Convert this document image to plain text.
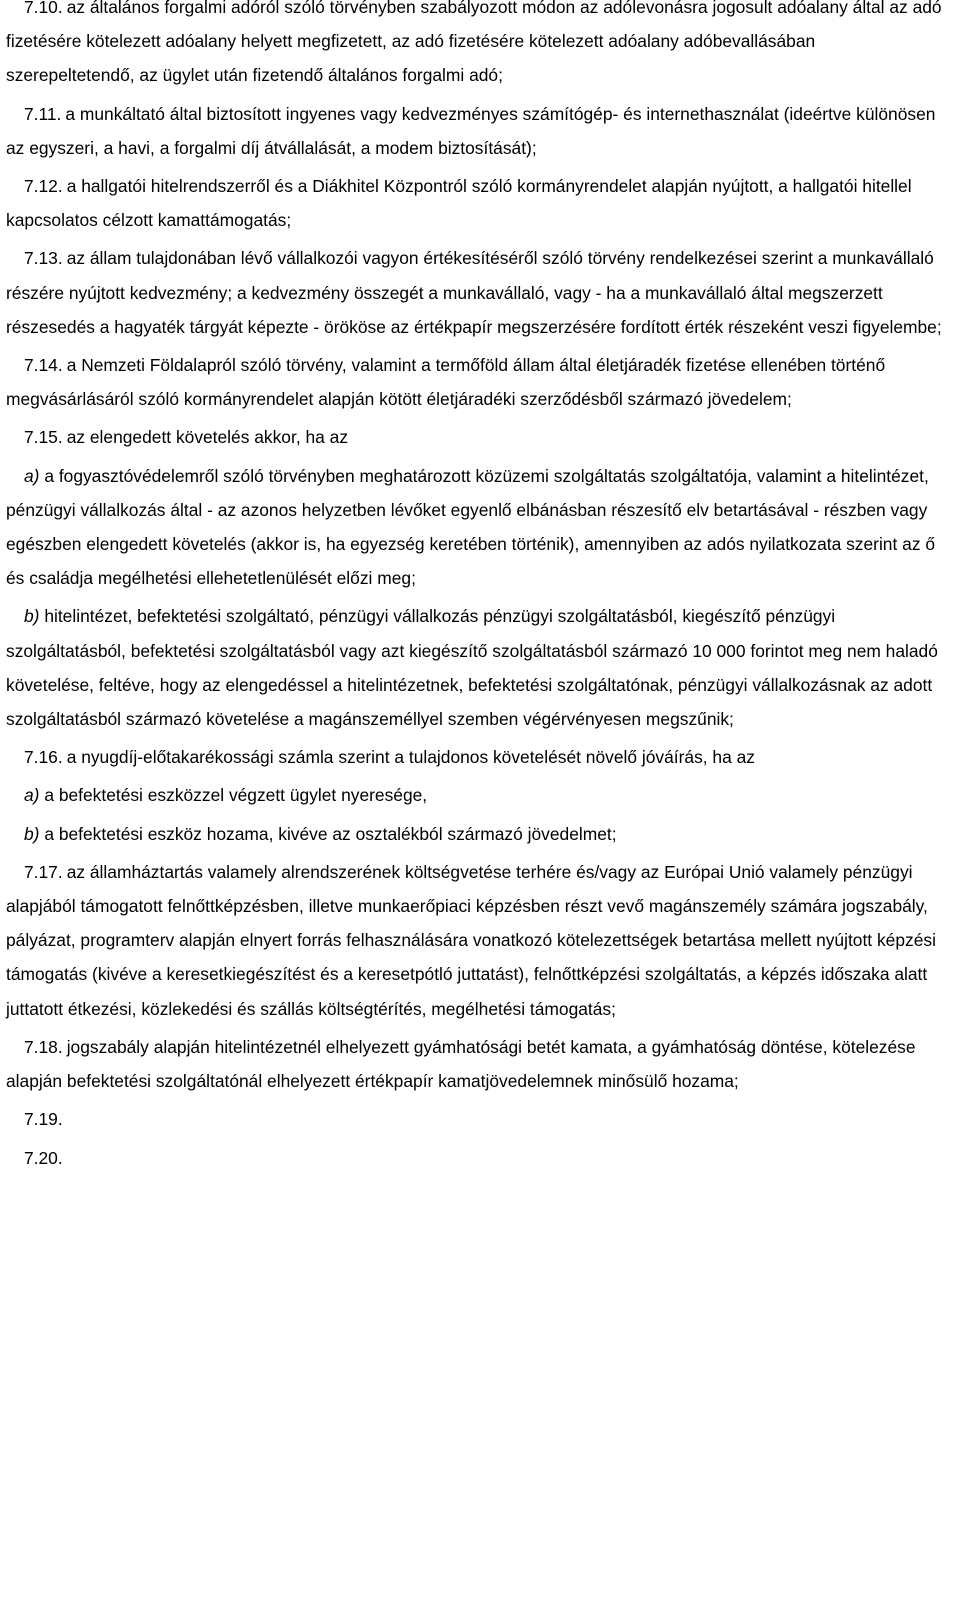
7.10. az általános forgalmi adóról szóló törvényben szabályozott módon az adólevonásra jogosult adóalany által az adó fizetésére kötelezett adóalany helyett megfizetett, az adó fizetésére kötelezett adóalany adóbevallásában szerepeltetendő, az ügylet után fizetendő általános forgalmi adó;

7.11. a munkáltató által biztosított ingyenes vagy kedvezményes számítógép- és internethasználat (ideértve különösen az egyszeri, a havi, a forgalmi díj átvállalását, a modem biztosítását);

7.12. a hallgatói hitelrendszerről és a Diákhitel Központról szóló kormányrendelet alapján nyújtott, a hallgatói hitellel kapcsolatos célzott kamattámogatás;

7.13. az állam tulajdonában lévő vállalkozói vagyon értékesítéséről szóló törvény rendelkezései szerint a munkavállaló részére nyújtott kedvezmény; a kedvezmény összegét a munkavállaló, vagy - ha a munkavállaló által megszerzett részesedés a hagyaték tárgyát képezte - örököse az értékpapír megszerzésére fordított érték részeként veszi figyelembe;

7.14. a Nemzeti Földalapról szóló törvény, valamint a termőföld állam által életjáradék fizetése ellenében történő megvásárlásáról szóló kormányrendelet alapján kötött életjáradéki szerződésből származó jövedelem;

7.15. az elengedett követelés akkor, ha az

a) a fogyasztóvédelemről szóló törvényben meghatározott közüzemi szolgáltatás szolgáltatója, valamint a hitelintézet, pénzügyi vállalkozás által - az azonos helyzetben lévőket egyenlő elbánásban részesítő elv betartásával - részben vagy egészben elengedett követelés (akkor is, ha egyezség keretében történik), amennyiben az adós nyilatkozata szerint az ő és családja megélhetési ellehetetlenülését előzi meg;

b) hitelintézet, befektetési szolgáltató, pénzügyi vállalkozás pénzügyi szolgáltatásból, kiegészítő pénzügyi szolgáltatásból, befektetési szolgáltatásból vagy azt kiegészítő szolgáltatásból származó 10 000 forintot meg nem haladó követelése, feltéve, hogy az elengedéssel a hitelintézetnek, befektetési szolgáltatónak, pénzügyi vállalkozásnak az adott szolgáltatásból származó követelése a magánszeméllyel szemben végérvényesen megszűnik;

7.16. a nyugdíj-előtakarékossági számla szerint a tulajdonos követelését növelő jóváírás, ha az

a) a befektetési eszközzel végzett ügylet nyeresége,

b) a befektetési eszköz hozama, kivéve az osztalékból származó jövedelmet;

7.17. az államháztartás valamely alrendszerének költségvetése terhére és/vagy az Európai Unió valamely pénzügyi alapjából támogatott felnőttképzésben, illetve munkaerőpiaci képzésben részt vevő magánszemély számára jogszabály, pályázat, programterv alapján elnyert forrás felhasználására vonatkozó kötelezettségek betartása mellett nyújtott képzési támogatás (kivéve a keresetkiegészítést és a keresetpótló juttatást), felnőttképzési szolgáltatás, a képzés időszaka alatt juttatott étkezési, közlekedési és szállás költségtérítés, megélhetési támogatás;

7.18. jogszabály alapján hitelintézetnél elhelyezett gyámhatósági betét kamata, a gyámhatóság döntése, kötelezése alapján befektetési szolgáltatónál elhelyezett értékpapír kamatjövedelemnek minősülő hozama;

7.19.

7.20.
